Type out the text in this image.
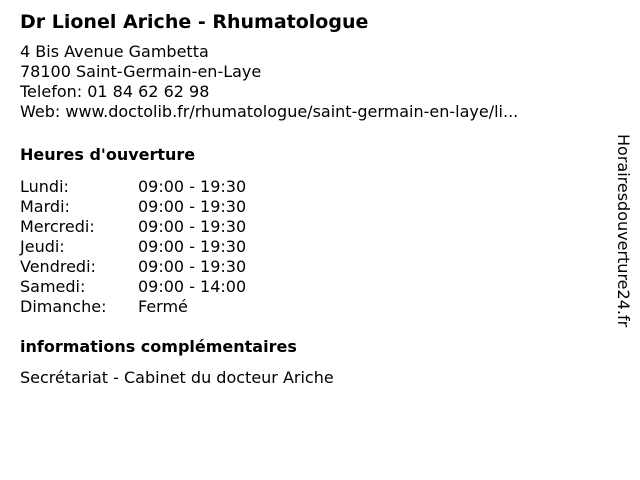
Dr Lionel Ariche - Rhumatologue
4 Bis Avenue Gambetta
78100 Saint-Germain-en-Laye
Telefon: 01 84 62 62 98
Web: www.doctolib.fr/rhumatologue/saint-germain-en-laye/li...
Heures d'ouverture
Lundi:	09:00 - 19:30
Mardi:	09:00 - 19:30
Mercredi:	09:00 - 19:30
Jeudi:	09:00 - 19:30
Vendredi:	09:00 - 19:30
Samedi:	09:00 - 14:00
Dimanche:	Fermé
informations complémentaires
Secrétariat - Cabinet du docteur Ariche
Horairesdouverture24.fr
